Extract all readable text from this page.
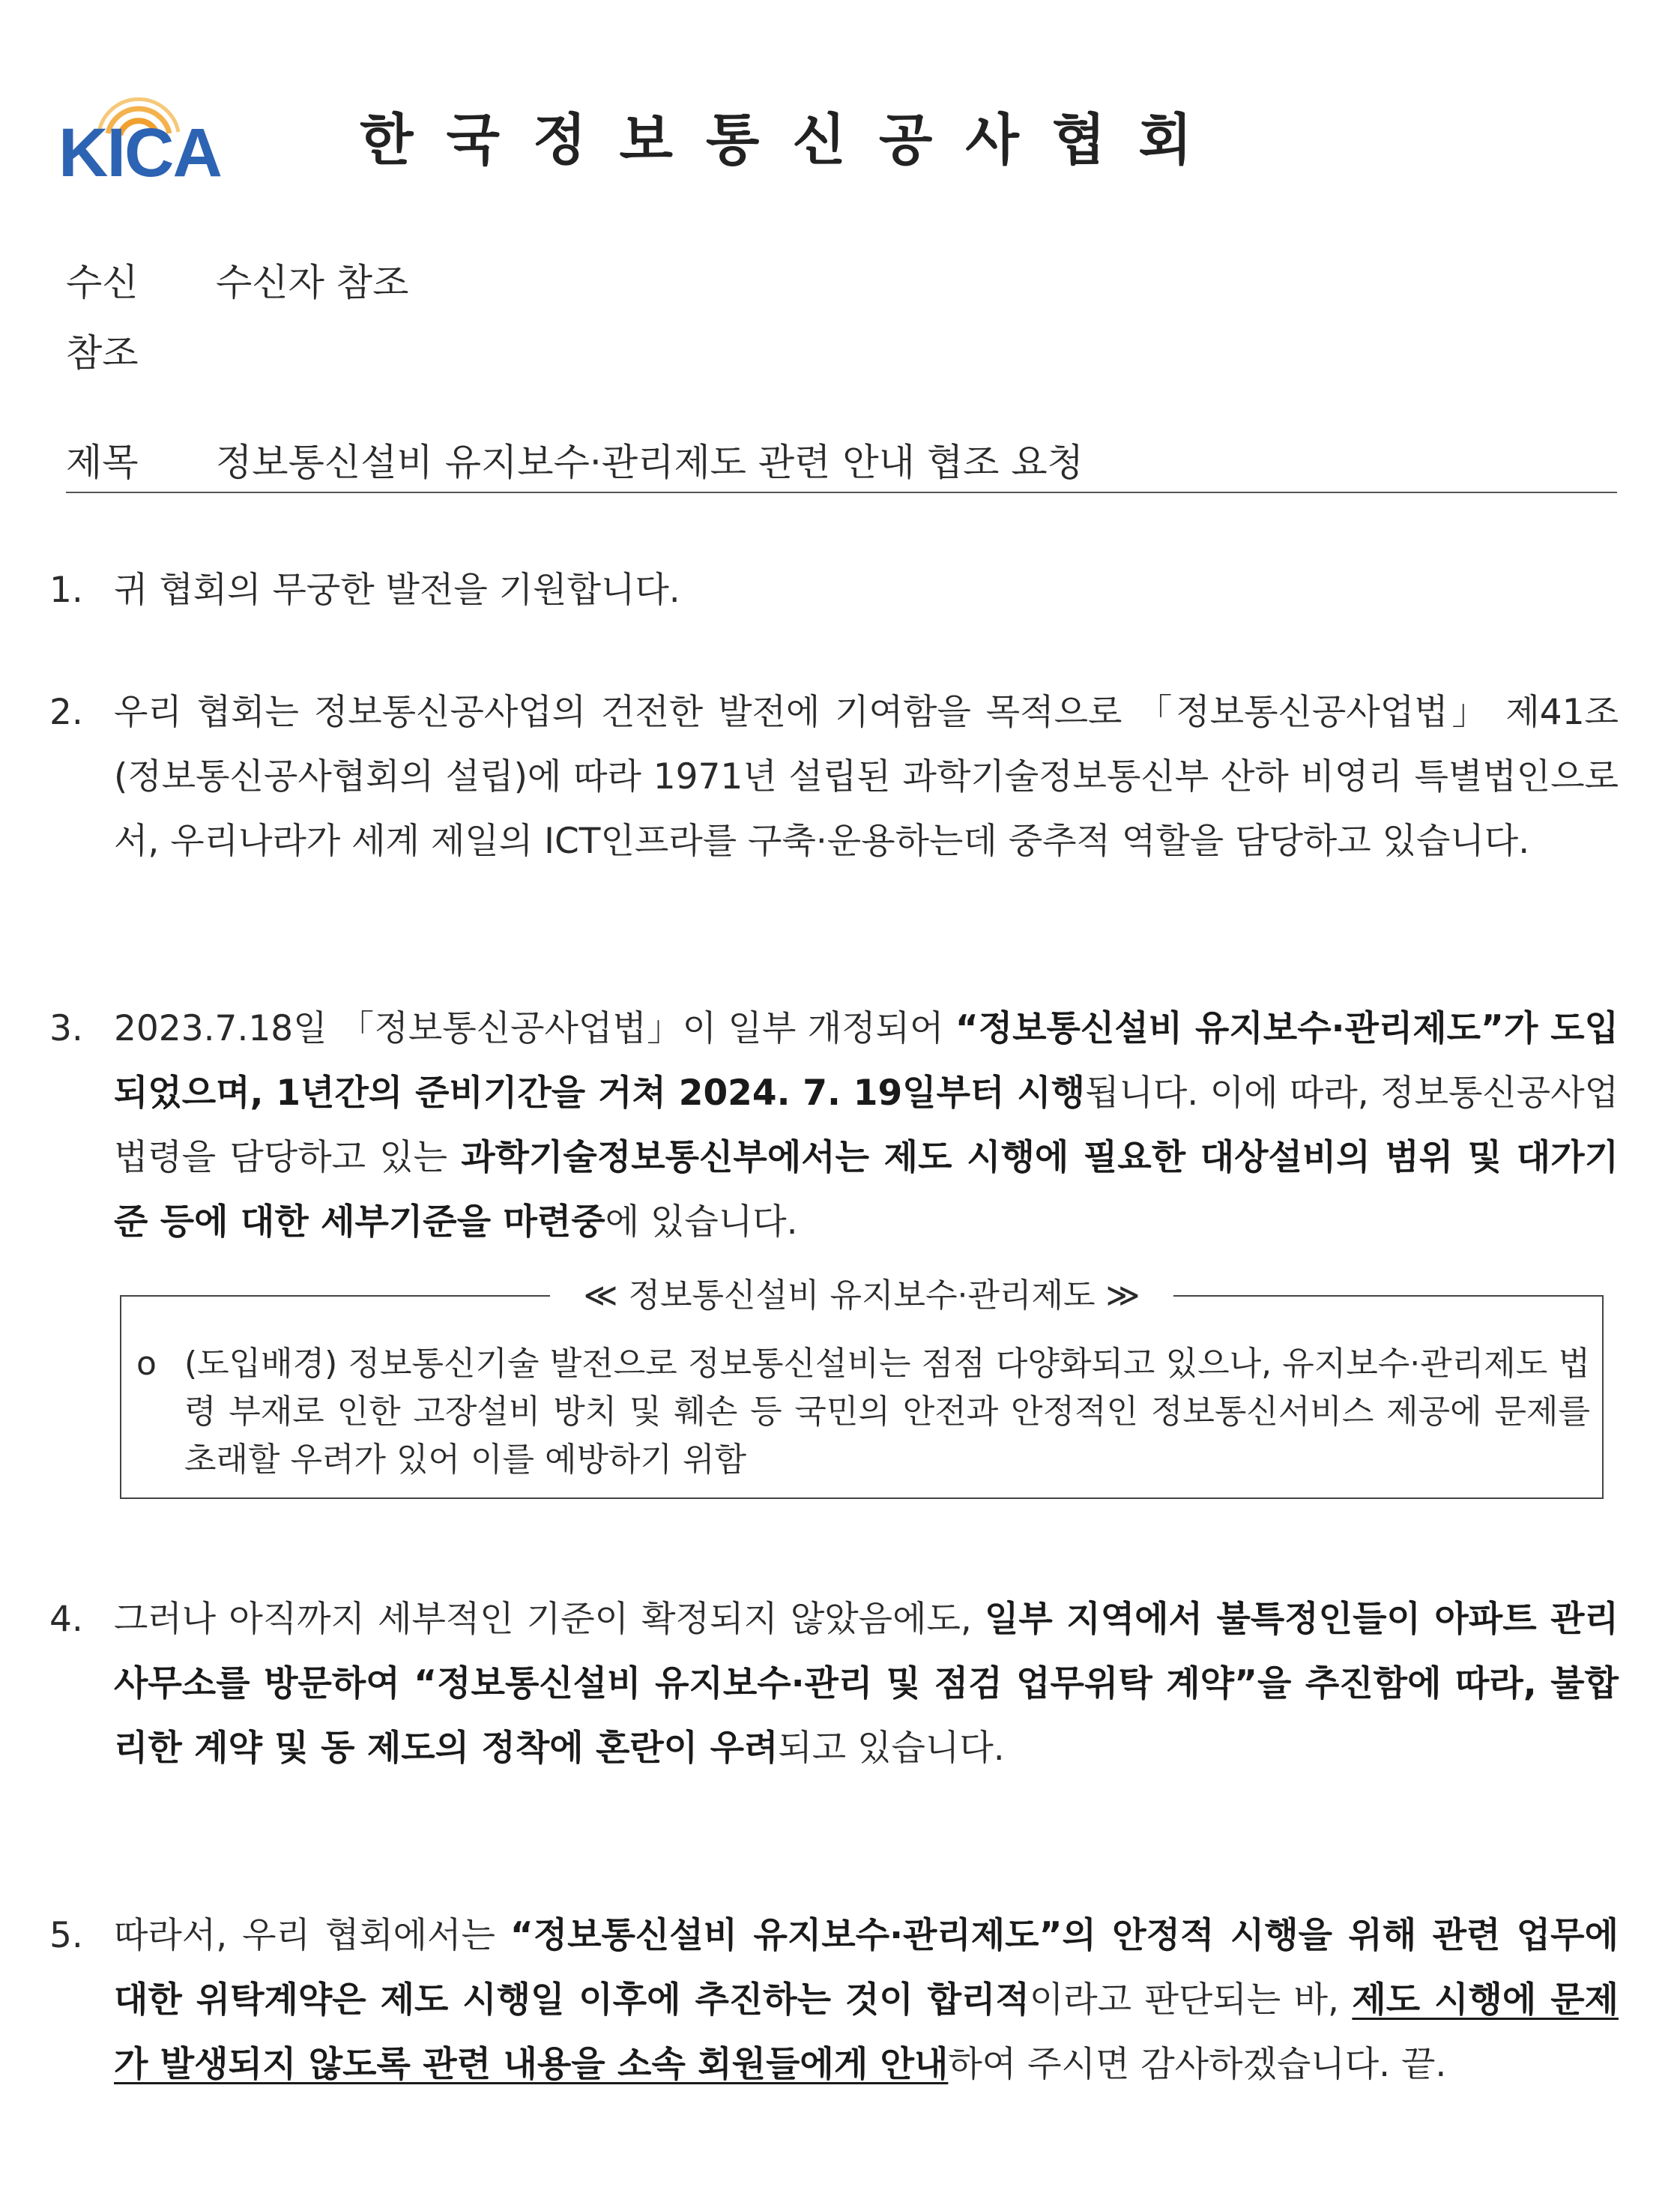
KICA	한국정보통신공사협회
수신 수신자 참조
참조
제목 정보통신설비 유지보수·관리제도 관련 안내 협조 요청
1. 귀 협회의 무궁한 발전을 기원합니다.
2. 우리 협회는 정보통신공사업의 건전한 발전에 기여함을 목적으로 「정보통신공사업법」 제41조(정보통신공사협회의 설립)에 따라 1971년 설립된 과학기술정보통신부 산하 비영리 특별법인으로서, 우리나라가 세계 제일의 ICT인프라를 구축·운용하는데 중추적 역할을 담당하고 있습니다.
3. 2023.7.18일 「정보통신공사업법」이 일부 개정되어 “정보통신설비 유지보수·관리제도”가 도입되었으며, 1년간의 준비기간을 거쳐 2024. 7. 19일부터 시행됩니다. 이에 따라, 정보통신공사업법령을 담당하고 있는 과학기술정보통신부에서는 제도 시행에 필요한 대상설비의 범위 및 대가기준 등에 대한 세부기준을 마련중에 있습니다.
≪ 정보통신설비 유지보수·관리제도 ≫
o (도입배경) 정보통신기술 발전으로 정보통신설비는 점점 다양화되고 있으나, 유지보수·관리제도 법령 부재로 인한 고장설비 방치 및 훼손 등 국민의 안전과 안정적인 정보통신서비스 제공에 문제를 초래할 우려가 있어 이를 예방하기 위함
4. 그러나 아직까지 세부적인 기준이 확정되지 않았음에도, 일부 지역에서 불특정인들이 아파트 관리사무소를 방문하여 “정보통신설비 유지보수·관리 및 점검 업무위탁 계약”을 추진함에 따라, 불합리한 계약 및 동 제도의 정착에 혼란이 우려되고 있습니다.
5. 따라서, 우리 협회에서는 “정보통신설비 유지보수·관리제도”의 안정적 시행을 위해 관련 업무에 대한 위탁계약은 제도 시행일 이후에 추진하는 것이 합리적이라고 판단되는 바, 제도 시행에 문제가 발생되지 않도록 관련 내용을 소속 회원들에게 안내하여 주시면 감사하겠습니다. 끝.
